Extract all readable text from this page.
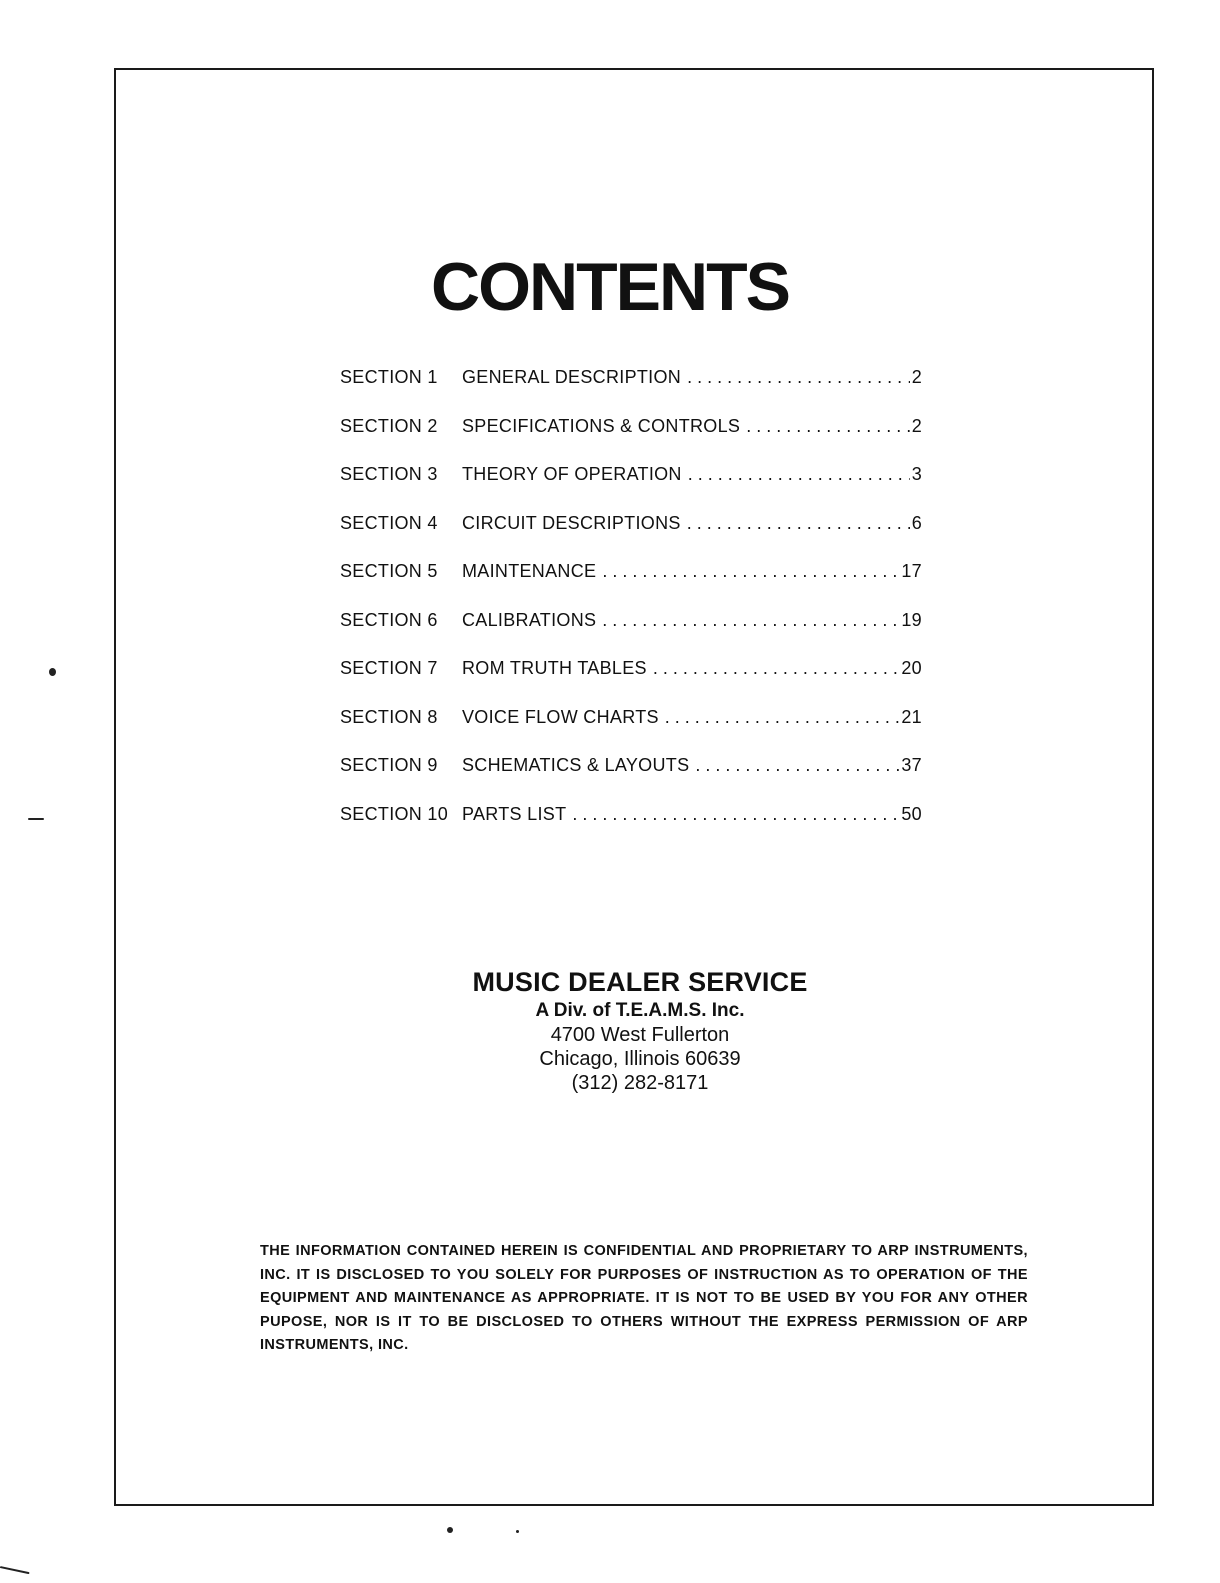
CONTENTS
SECTION 1	GENERAL DESCRIPTION . . .	2
SECTION 2	SPECIFICATIONS & CONTROLS . . .	2
SECTION 3	THEORY OF OPERATION . . .	3
SECTION 4	CIRCUIT DESCRIPTIONS . . .	6
SECTION 5	MAINTENANCE . . .	17
SECTION 6	CALIBRATIONS . . .	19
SECTION 7	ROM TRUTH TABLES . . .	20
SECTION 8	VOICE FLOW CHARTS . . .	21
SECTION 9	SCHEMATICS & LAYOUTS . . .	37
SECTION 10 PARTS LIST . . .	50
MUSIC DEALER SERVICE
A Div. of T.E.A.M.S. Inc.
4700 West Fullerton
Chicago, Illinois 60639
(312) 282-8171

THE INFORMATION CONTAINED HEREIN IS CONFIDENTIAL AND PROPRIETARY TO ARP INSTRUMENTS, INC. IT IS DISCLOSED TO YOU SOLELY FOR PURPOSES OF INSTRUCTION AS TO OPERATION OF THE EQUIPMENT AND MAINTENANCE AS APPROPRIATE. IT IS NOT TO BE USED BY YOU FOR ANY OTHER PUPOSE, NOR IS IT TO BE DISCLOSED TO OTHERS WITHOUT THE EXPRESS PERMISSION OF ARP INSTRUMENTS, INC.
